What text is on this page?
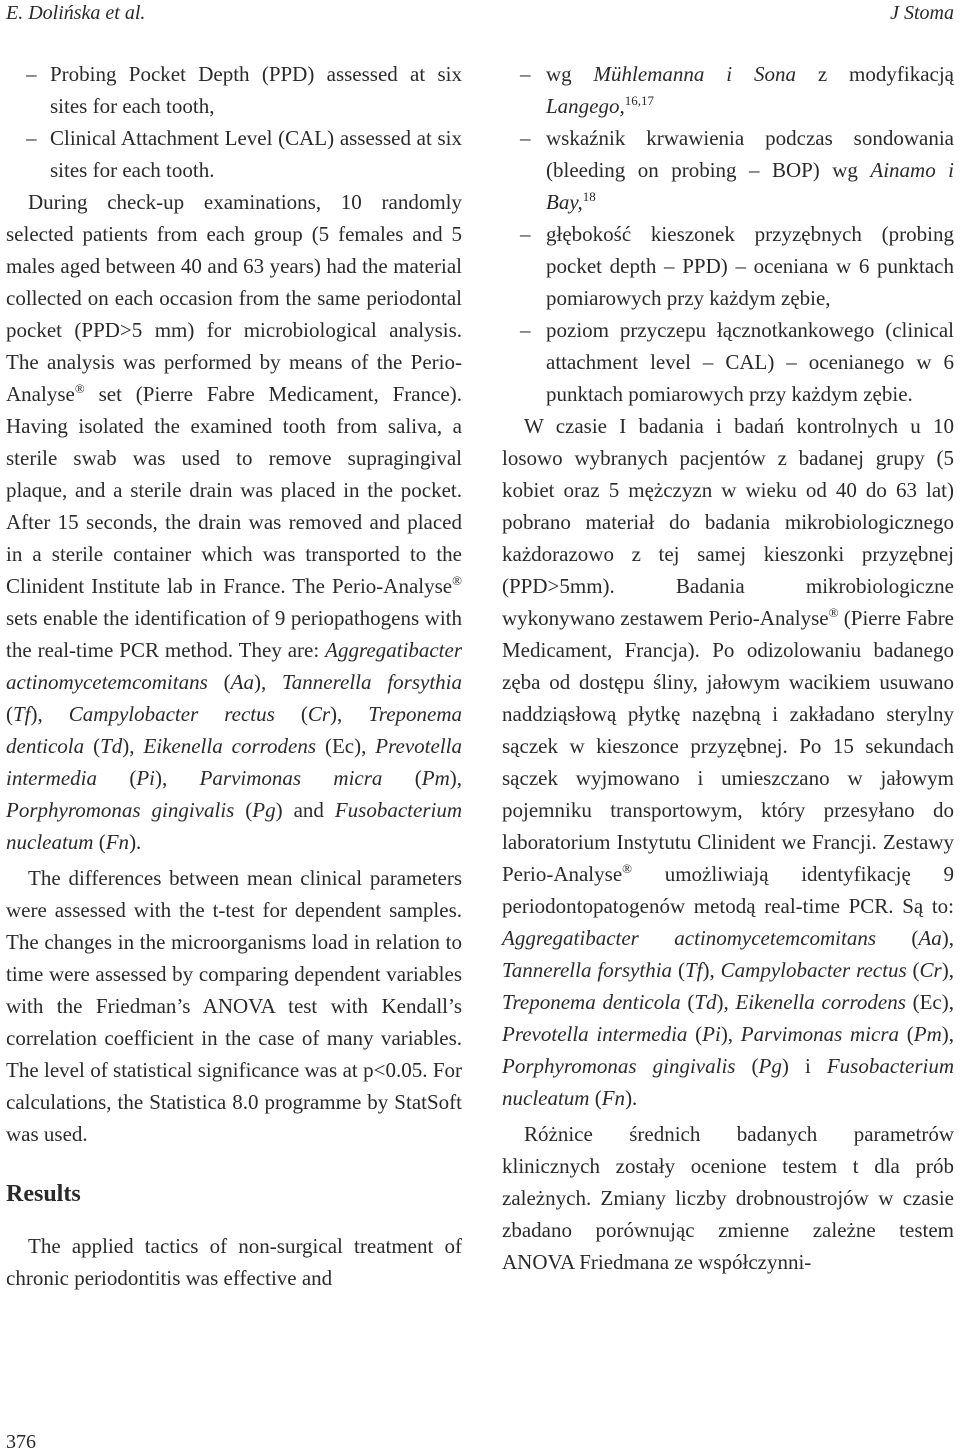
E. Dolińska et al.	J Stoma
– Probing Pocket Depth (PPD) assessed at six sites for each tooth,
– Clinical Attachment Level (CAL) assessed at six sites for each tooth.

During check-up examinations, 10 randomly selected patients from each group (5 females and 5 males aged between 40 and 63 years) had the material collected on each occasion from the same periodontal pocket (PPD>5 mm) for microbiological analysis. The analysis was performed by means of the Perio-Analyse® set (Pierre Fabre Medicament, France). Having isolated the examined tooth from saliva, a sterile swab was used to remove supragingival plaque, and a sterile drain was placed in the pocket. After 15 seconds, the drain was removed and placed in a sterile container which was transported to the Clinident Institute lab in France. The Perio-Analyse® sets enable the identification of 9 periopathogens with the real-time PCR method. They are: Aggregatibacter actinomycetemcomitans (Aa), Tannerella forsythia (Tf), Campylobacter rectus (Cr), Treponema denticola (Td), Eikenella corrodens (Ec), Prevotella intermedia (Pi), Parvimonas micra (Pm), Porphyromonas gingivalis (Pg) and Fusobacterium nucleatum (Fn).

The differences between mean clinical parameters were assessed with the t-test for dependent samples. The changes in the microorganisms load in relation to time were assessed by comparing dependent variables with the Friedman’s ANOVA test with Kendall’s correlation coefficient in the case of many variables. The level of statistical significance was at p<0.05. For calculations, the Statistica 8.0 programme by StatSoft was used.

Results

The applied tactics of non-surgical treatment of chronic periodontitis was effective and

– wg Mühlemanna i Sona z modyfikacją Langego,$^{16,17}$
– wskaźnik krwawienia podczas sondowania (bleeding on probing – BOP) wg Ainamo i Bay,$^{18}$
– głębokość kieszonek przyzębnych (probing pocket depth – PPD) – oceniana w 6 punktach pomiarowych przy każdym zębie,
– poziom przyczepu łącznotkankowego (clinical attachment level – CAL) – ocenianego w 6 punktach pomiarowych przy każdym zębie.

W czasie I badania i badań kontrolnych u 10 losowo wybranych pacjentów z badanej grupy (5 kobiet oraz 5 mężczyzn w wieku od 40 do 63 lat) pobrano materiał do badania mikrobiologicznego każdorazowo z tej samej kieszonki przyzębnej (PPD>5mm). Badania mikrobiologiczne wykonywano zestawem Perio-Analyse® (Pierre Fabre Medicament, Francja). Po odizolowaniu badanego zęba od dostępu śliny, jałowym wacikiem usuwano naddziąsłową płytkę nazębną i zakładano sterylny sączek w kieszonce przyzębnej. Po 15 sekundach sączek wyjmowano i umieszczano w jałowym pojemniku transportowym, który przesyłano do laboratorium Instytutu Clinident we Francji. Zestawy Perio-Analyse® umożliwiają identyfikację 9 periodontopatogenów metodą real-time PCR. Są to: Aggregatibacter actinomycetemcomitans (Aa), Tannerella forsythia (Tf), Campylobacter rectus (Cr), Treponema denticola (Td), Eikenella corrodens (Ec), Prevotella intermedia (Pi), Parvimonas micra (Pm), Porphyromonas gingivalis (Pg) i Fusobacterium nucleatum (Fn).

Różnice średnich badanych parametrów klinicznych zostały ocenione testem t dla prób zależnych. Zmiany liczby drobnoustrojów w czasie zbadano porównując zmienne zależne testem ANOVA Friedmana ze współczynni-

376
